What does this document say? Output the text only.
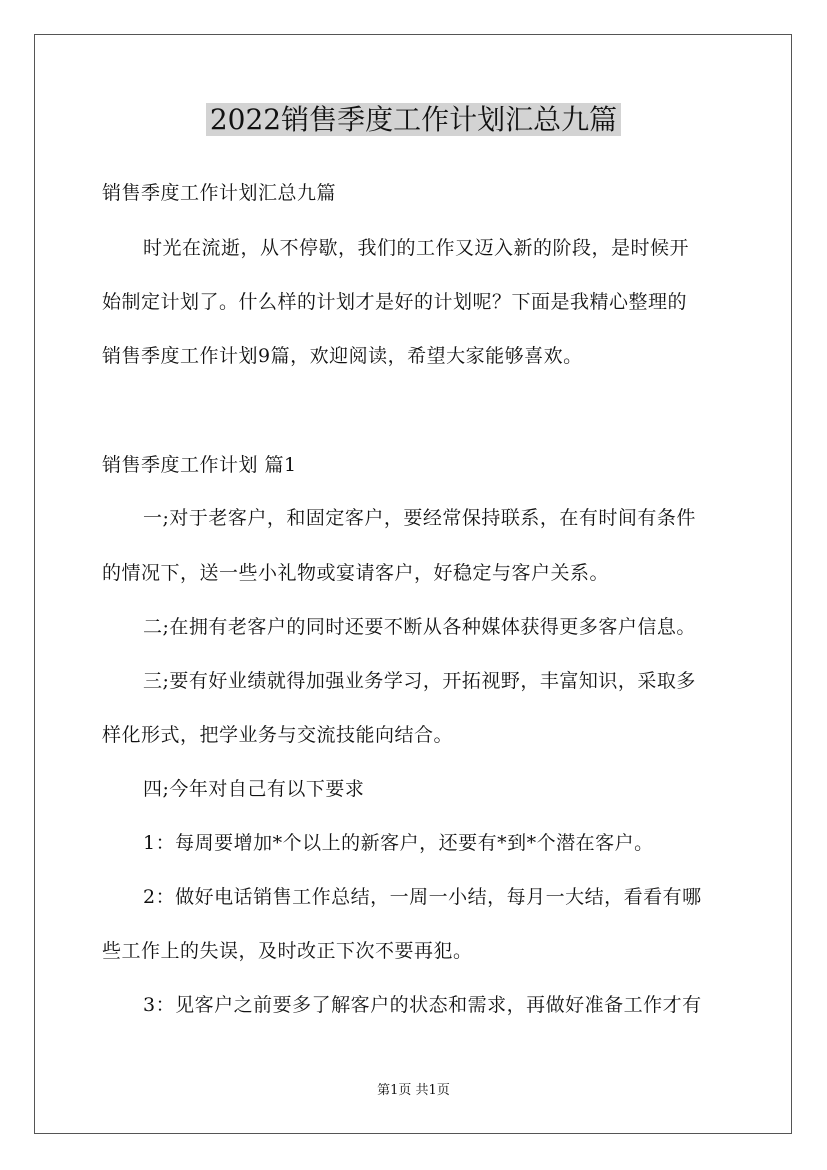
2022销售季度工作计划汇总九篇
销售季度工作计划汇总九篇
时光在流逝，从不停歇，我们的工作又迈入新的阶段，是时候开
始制定计划了。什么样的计划才是好的计划呢？下面是我精心整理的
销售季度工作计划9篇，欢迎阅读，希望大家能够喜欢。
销售季度工作计划 篇1
一;对于老客户，和固定客户，要经常保持联系，在有时间有条件
的情况下，送一些小礼物或宴请客户，好稳定与客户关系。
二;在拥有老客户的同时还要不断从各种媒体获得更多客户信息。
三;要有好业绩就得加强业务学习，开拓视野，丰富知识，采取多
样化形式，把学业务与交流技能向结合。
四;今年对自己有以下要求
1：每周要增加*个以上的新客户，还要有*到*个潜在客户。
2：做好电话销售工作总结，一周一小结，每月一大结，看看有哪
些工作上的失误，及时改正下次不要再犯。
3：见客户之前要多了解客户的状态和需求，再做好准备工作才有
第1页 共1页
